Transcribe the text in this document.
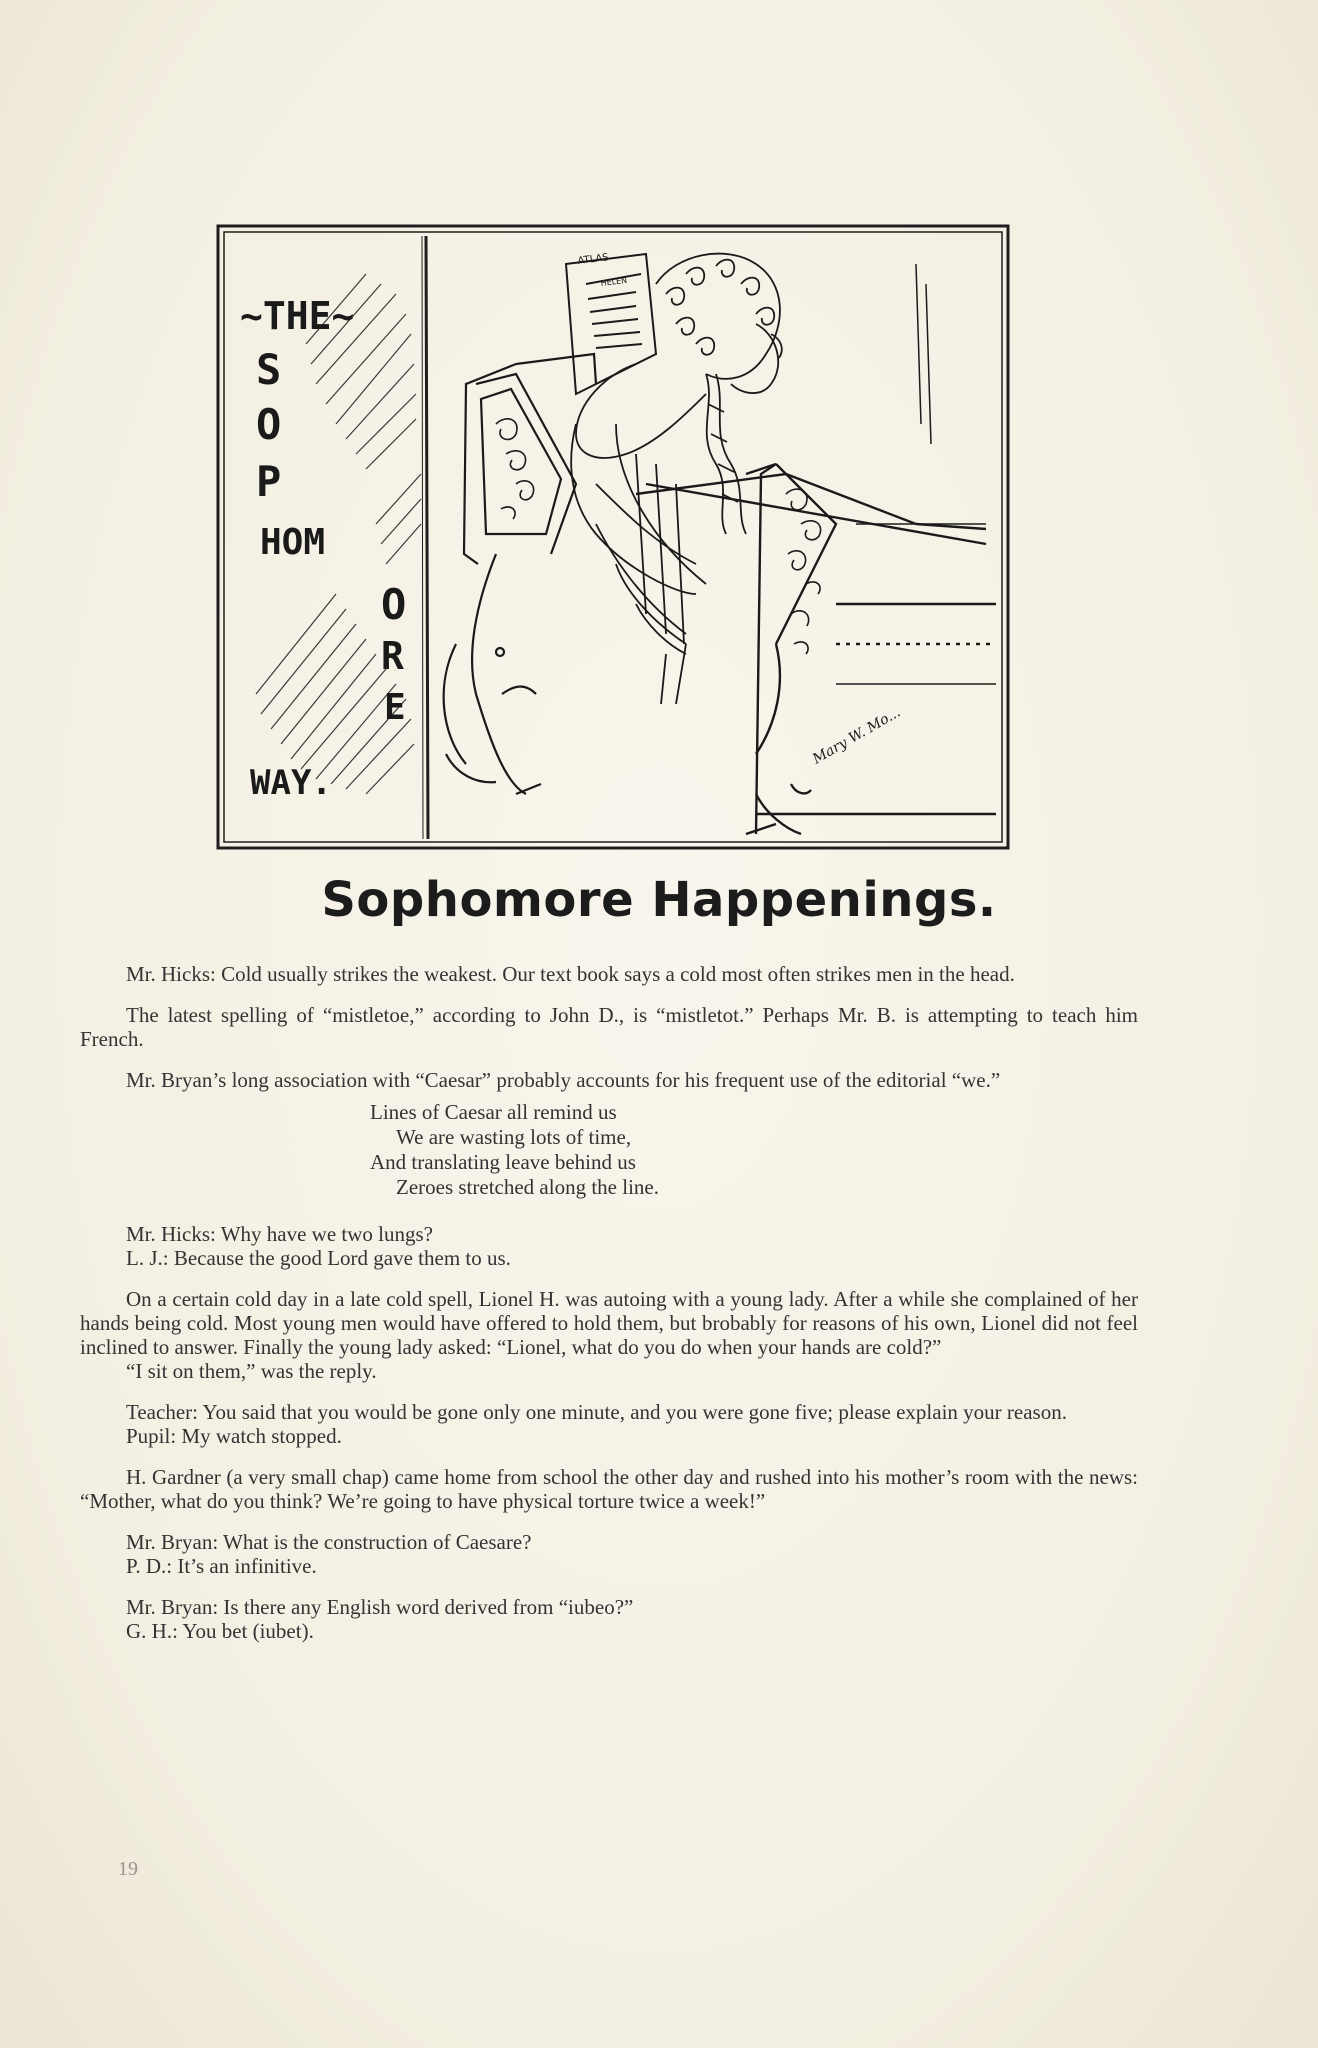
~THE~
S
O
P
HOM
O
R
E
WAY.
ATLAS
HELEN
Mary W. Mo...
Sophomore Happenings.

Mr. Hicks: Cold usually strikes the weakest. Our text book says a cold most often strikes men in the head.

The latest spelling of “mistletoe,” according to John D., is “mistletot.” Perhaps Mr. B. is attempting to teach him French.

Mr. Bryan’s long association with “Caesar” probably accounts for his frequent use of the editorial “we.”

Lines of Caesar all remind us
We are wasting lots of time,
And translating leave behind us
Zeroes stretched along the line.

Mr. Hicks: Why have we two lungs?

L. J.: Because the good Lord gave them to us.

On a certain cold day in a late cold spell, Lionel H. was autoing with a young lady. After a while she complained of her hands being cold. Most young men would have offered to hold them, but brobably for reasons of his own, Lionel did not feel inclined to answer. Finally the young lady asked: “Lionel, what do you do when your hands are cold?”

“I sit on them,” was the reply.

Teacher: You said that you would be gone only one minute, and you were gone five; please explain your reason.

Pupil: My watch stopped.

H. Gardner (a very small chap) came home from school the other day and rushed into his mother’s room with the news: “Mother, what do you think? We’re going to have physical torture twice a week!”

Mr. Bryan: What is the construction of Caesare?

P. D.: It’s an infinitive.

Mr. Bryan: Is there any English word derived from “iubeo?”

G. H.: You bet (iubet).

19
